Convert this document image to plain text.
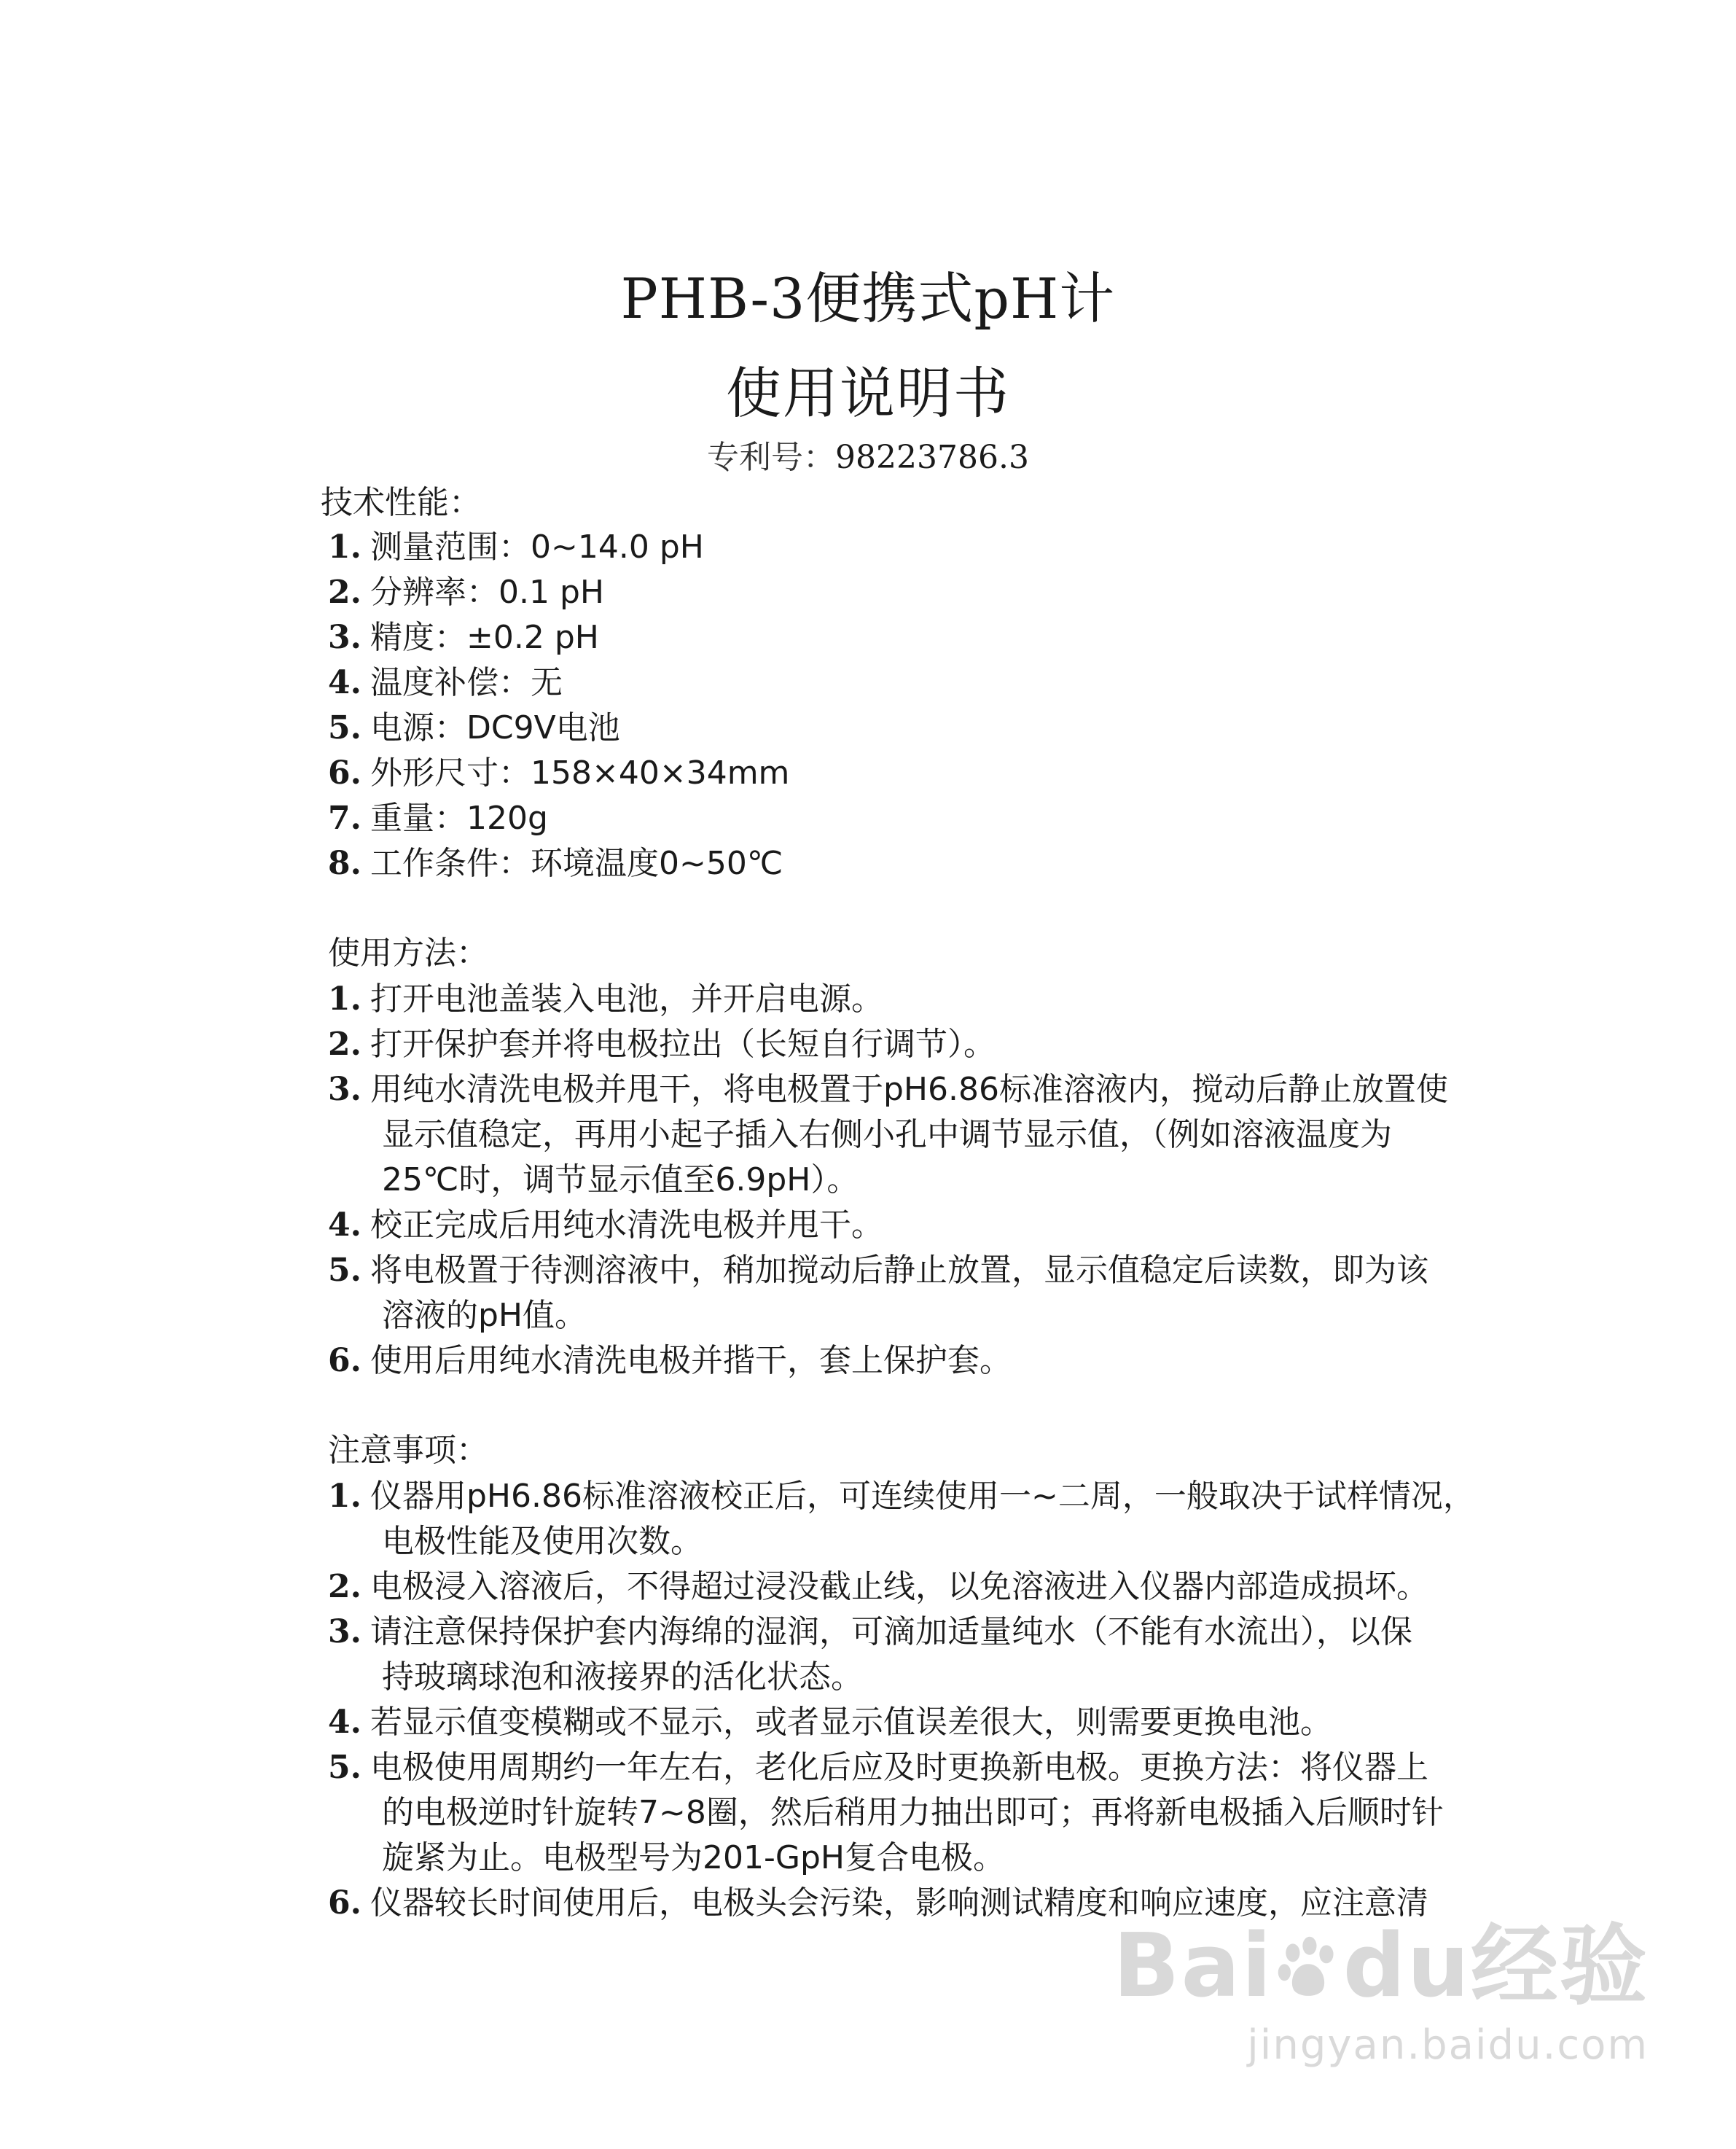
PHB-3便携式pH计
使用说明书
专利号：98223786.3
技术性能：
1. 测量范围：0~14.0 pH
2. 分辨率：0.1 pH
3. 精度：±0.2 pH
4. 温度补偿：无
5. 电源：DC9V电池
6. 外形尺寸：158×40×34mm
7. 重量：120g
8. 工作条件：环境温度0~50℃
使用方法：
1. 打开电池盖装入电池，并开启电源。
2. 打开保护套并将电极拉出（长短自行调节）。
3. 用纯水清洗电极并甩干，将电极置于pH6.86标准溶液内，搅动后静止放置使
显示值稳定，再用小起子插入右侧小孔中调节显示值，（例如溶液温度为
25℃时，调节显示值至6.9pH）。
4. 校正完成后用纯水清洗电极并甩干。
5. 将电极置于待测溶液中，稍加搅动后静止放置，显示值稳定后读数，即为该
溶液的pH值。
6. 使用后用纯水清洗电极并揩干，套上保护套。
注意事项：
1. 仪器用pH6.86标准溶液校正后，可连续使用一~二周，一般取决于试样情况，
电极性能及使用次数。
2. 电极浸入溶液后，不得超过浸没截止线，以免溶液进入仪器内部造成损坏。
3. 请注意保持保护套内海绵的湿润，可滴加适量纯水（不能有水流出），以保
持玻璃球泡和液接界的活化状态。
4. 若显示值变模糊或不显示，或者显示值误差很大，则需要更换电池。
5. 电极使用周期约一年左右，老化后应及时更换新电极。更换方法：将仪器上
的电极逆时针旋转7~8圈，然后稍用力抽出即可；再将新电极插入后顺时针
旋紧为止。电极型号为201-GpH复合电极。
6. 仪器较长时间使用后，电极头会污染，影响测试精度和响应速度，应注意清
Bai du经验
jingyan.baidu.com
